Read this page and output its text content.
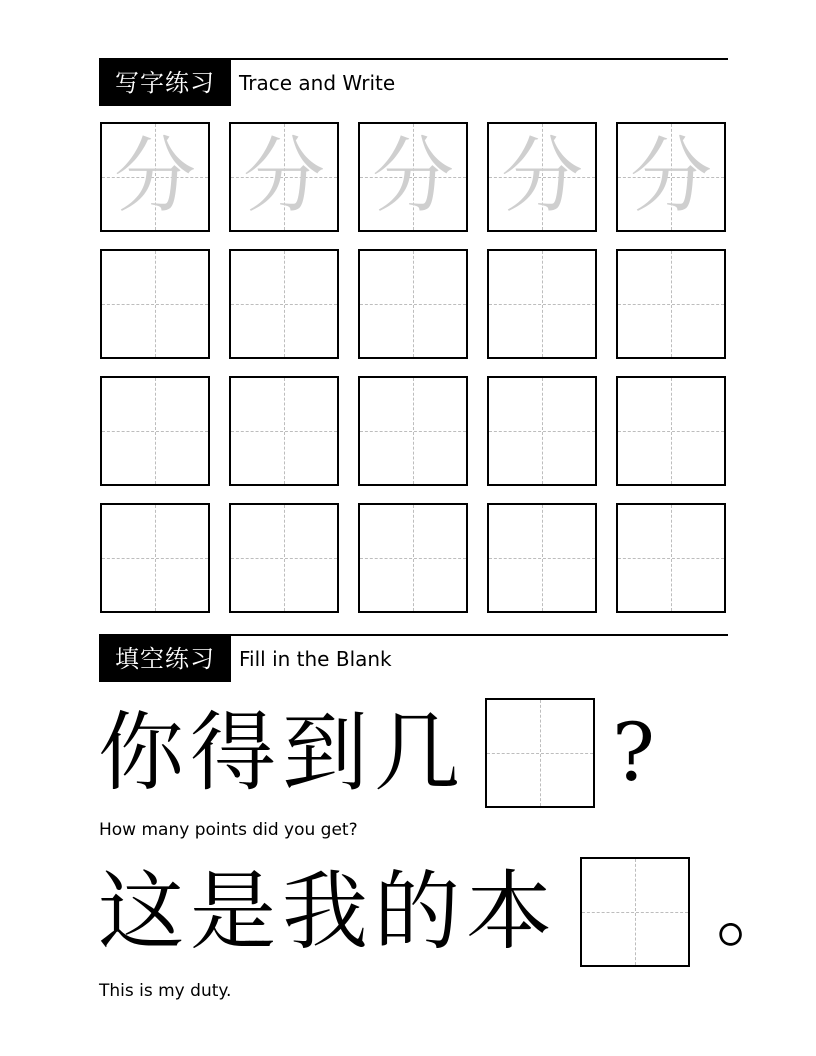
写字练习	Trace and Write
分 分 分 分 分
填空练习	Fill in the Blank
你得到几 ?
How many points did you get?
这是我的本 。
This is my duty.
